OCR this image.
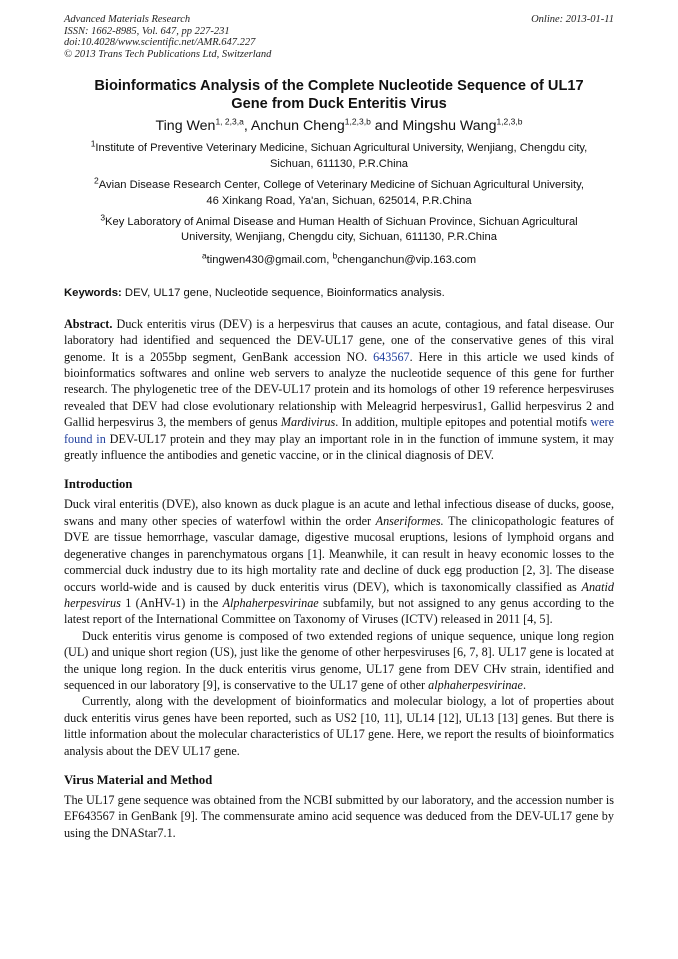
Advanced Materials Research
ISSN: 1662-8985, Vol. 647, pp 227-231
doi:10.4028/www.scientific.net/AMR.647.227
© 2013 Trans Tech Publications Ltd, Switzerland
Online: 2013-01-11
Bioinformatics Analysis of the Complete Nucleotide Sequence of UL17
Gene from Duck Enteritis Virus
Ting Wen$^{1, 2,3,a}$, Anchun Cheng$^{1,2,3,b}$ and Mingshu Wang$^{1,2,3,b}$
$^1$Institute of Preventive Veterinary Medicine, Sichuan Agricultural University, Wenjiang, Chengdu city,
Sichuan, 611130, P.R.China
$^2$Avian Disease Research Center, College of Veterinary Medicine of Sichuan Agricultural University,
46 Xinkang Road, Ya'an, Sichuan, 625014, P.R.China
$^3$Key Laboratory of Animal Disease and Human Health of Sichuan Province, Sichuan Agricultural
University, Wenjiang, Chengdu city, Sichuan, 611130, P.R.China
$^a$tingwen430@gmail.com, $^b$chenganchun@vip.163.com
Keywords: DEV, UL17 gene, Nucleotide sequence, Bioinformatics analysis.
Abstract. Duck enteritis virus (DEV) is a herpesvirus that causes an acute, contagious, and fatal disease. Our laboratory had identified and sequenced the DEV-UL17 gene, one of the conservative genes of this viral genome. It is a 2055bp segment, GenBank accession NO. 643567. Here in this article we used kinds of bioinformatics softwares and online web servers to analyze the nucleotide sequence of this gene for further research. The phylogenetic tree of the DEV-UL17 protein and its homologs of other 19 reference herpesviruses revealed that DEV had close evolutionary relationship with Meleagrid herpesvirus1, Gallid herpesvirus 2 and Gallid herpesvirus 3, the members of genus Mardivirus. In addition, multiple epitopes and potential motifs were found in DEV-UL17 protein and they may play an important role in in the function of immune system, it may greatly influence the antibodies and genetic vaccine, or in the clinical diagnosis of DEV.
Introduction

Duck viral enteritis (DVE), also known as duck plague is an acute and lethal infectious disease of ducks, goose, swans and many other species of waterfowl within the order Anseriformes. The clinicopathologic features of DVE are tissue hemorrhage, vascular damage, digestive mucosal eruptions, lesions of lymphoid organs and degenerative changes in parenchymatous organs [1]. Meanwhile, it can result in heavy economic losses to the commercial duck industry due to its high mortality rate and decline of duck egg production [2, 3]. The disease occurs world-wide and is caused by duck enteritis virus (DEV), which is taxonomically classified as Anatid herpesvirus 1 (AnHV-1) in the Alphaherpesvirinae subfamily, but not assigned to any genus according to the latest report of the International Committee on Taxonomy of Viruses (ICTV) released in 2011 [4, 5].

Duck enteritis virus genome is composed of two extended regions of unique sequence, unique long region (UL) and unique short region (US), just like the genome of other herpesviruses [6, 7, 8]. UL17 gene is located at the unique long region. In the duck enteritis virus genome, UL17 gene from DEV CHv strain, identified and sequenced in our laboratory [9], is conservative to the UL17 gene of other alphaherpesvirinae.

Currently, along with the development of bioinformatics and molecular biology, a lot of properties about duck enteritis virus genes have been reported, such as US2 [10, 11], UL14 [12], UL13 [13] genes. But there is little information about the molecular characteristics of UL17 gene. Here, we report the results of bioinformatics analysis about the DEV UL17 gene.

Virus Material and Method

The UL17 gene sequence was obtained from the NCBI submitted by our laboratory, and the accession number is EF643567 in GenBank [9]. The commensurate amino acid sequence was deduced from the DEV-UL17 gene by using the DNAStar7.1.
